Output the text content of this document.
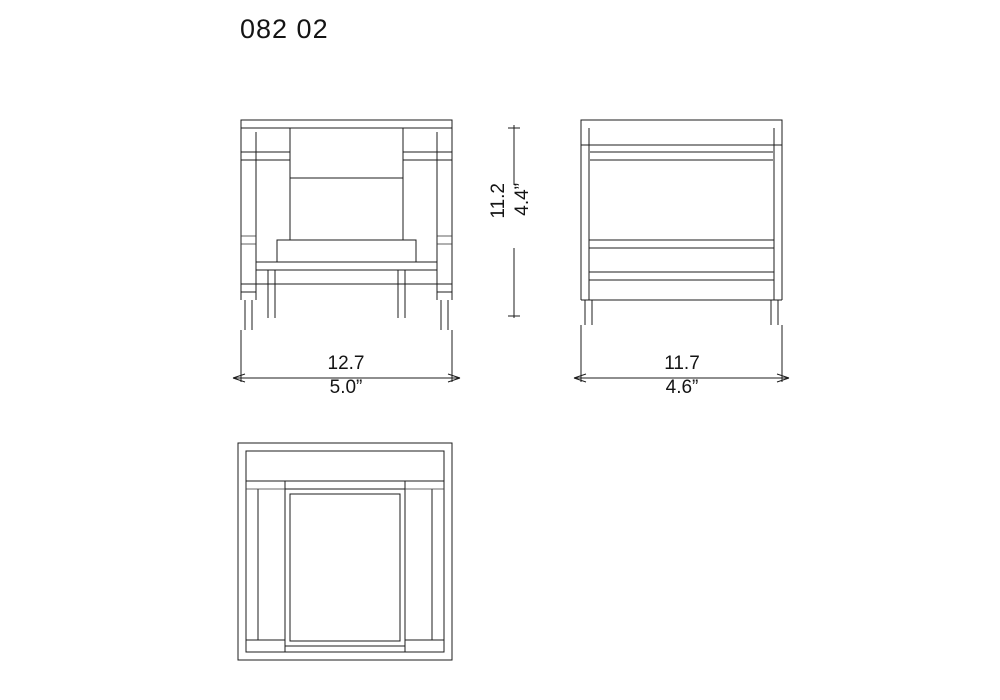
082 02
12.7
5.0”
11.7
4.6”
11.2 4.4”
